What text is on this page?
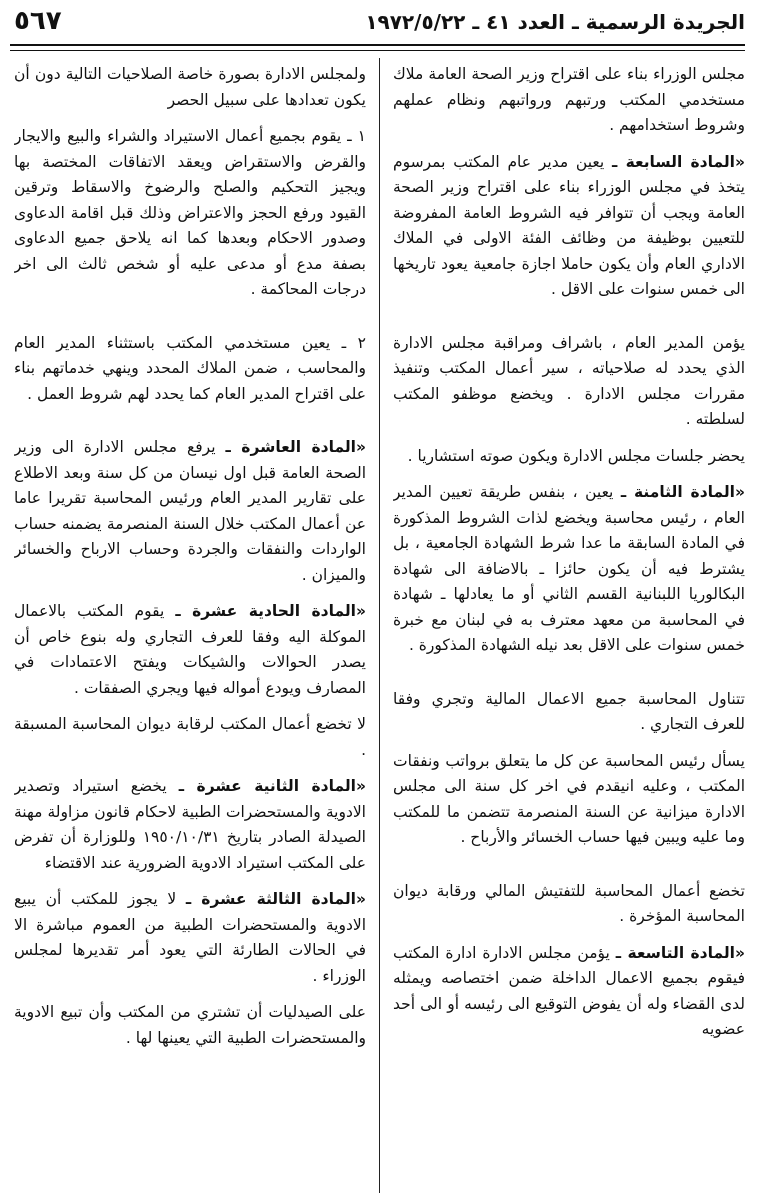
الجريدة الرسمية ـ العدد ٤١ ـ ١٩٧٢/٥/٢٢
٥٦٧

مجلس الوزراء بناء على اقتراح وزير الصحة العامة ملاك مستخدمي المكتب ورتبهم ورواتبهم ونظام عملهم وشروط استخدامهم .

«المادة السابعة ـ يعين مدير عام المكتب بمرسوم يتخذ في مجلس الوزراء بناء على اقتراح وزير الصحة العامة ويجب أن تتوافر فيه الشروط العامة المفروضة للتعيين بوظيفة من وظائف الفئة الاولى في الملاك الاداري العام وأن يكون حاملا اجازة جامعية يعود تاريخها الى خمس سنوات على الاقل .

يؤمن المدير العام ، باشراف ومراقبة مجلس الادارة الذي يحدد له صلاحياته ، سير أعمال المكتب وتنفيذ مقررات مجلس الادارة . ويخضع موظفو المكتب لسلطته .

يحضر جلسات مجلس الادارة ويكون صوته استشاريا .

«المادة الثامنة ـ يعين ، بنفس طريقة تعيين المدير العام ، رئيس محاسبة ويخضع لذات الشروط المذكورة في المادة السابقة ما عدا شرط الشهادة الجامعية ، بل يشترط فيه أن يكون حائزا ـ بالاضافة الى شهادة البكالوريا اللبنانية القسم الثاني أو ما يعادلها ـ شهادة في المحاسبة من معهد معترف به في لبنان مع خبرة خمس سنوات على الاقل بعد نيله الشهادة المذكورة .

تتناول المحاسبة جميع الاعمال المالية وتجري وفقا للعرف التجاري .

يسأل رئيس المحاسبة عن كل ما يتعلق برواتب ونفقات المكتب ، وعليه انيقدم في اخر كل سنة الى مجلس الادارة ميزانية عن السنة المنصرمة تتضمن ما للمكتب وما عليه ويبين فيها حساب الخسائر والأرباح .

تخضع أعمال المحاسبة للتفتيش المالي ورقابة ديوان المحاسبة المؤخرة .

«المادة التاسعة ـ يؤمن مجلس الادارة ادارة المكتب فيقوم بجميع الاعمال الداخلة ضمن اختصاصه ويمثله لدى القضاء وله أن يفوض التوقيع الى رئيسه أو الى أحد عضويه

ولمجلس الادارة بصورة خاصة الصلاحيات التالية دون أن يكون تعدادها على سبيل الحصر

١ ـ يقوم بجميع أعمال الاستيراد والشراء والبيع والايجار والقرض والاستقراض ويعقد الاتفاقات المختصة بها ويجيز التحكيم والصلح والرضوخ والاسقاط وترقين القيود ورفع الحجز والاعتراض وذلك قبل اقامة الدعاوى وصدور الاحكام وبعدها كما انه يلاحق جميع الدعاوى بصفة مدع أو مدعى عليه أو شخص ثالث الى اخر درجات المحاكمة .

٢ ـ يعين مستخدمي المكتب باستثناء المدير العام والمحاسب ، ضمن الملاك المحدد وينهي خدماتهم بناء على اقتراح المدير العام كما يحدد لهم شروط العمل .

«المادة العاشرة ـ يرفع مجلس الادارة الى وزير الصحة العامة قبل اول نيسان من كل سنة وبعد الاطلاع على تقارير المدير العام ورئيس المحاسبة تقريرا عاما عن أعمال المكتب خلال السنة المنصرمة يضمنه حساب الواردات والنفقات والجردة وحساب الارباح والخسائر والميزان .

«المادة الحادية عشرة ـ يقوم المكتب بالاعمال الموكلة اليه وفقا للعرف التجاري وله بنوع خاص أن يصدر الحوالات والشيكات ويفتح الاعتمادات في المصارف ويودع أمواله فيها ويجري الصفقات .

لا تخضع أعمال المكتب لرقابة ديوان المحاسبة المسبقة .

«المادة الثانية عشرة ـ يخضع استيراد وتصدير الادوية والمستحضرات الطبية لاحكام قانون مزاولة مهنة الصيدلة الصادر بتاريخ ١٩٥٠/١٠/٣١ وللوزارة أن تفرض على المكتب استيراد الادوية الضرورية عند الاقتضاء

«المادة الثالثة عشرة ـ لا يجوز للمكتب أن يبيع الادوية والمستحضرات الطبية من العموم مباشرة الا في الحالات الطارئة التي يعود أمر تقديرها لمجلس الوزراء .

على الصيدليات أن تشتري من المكتب وأن تبيع الادوية والمستحضرات الطبية التي يعينها لها .
